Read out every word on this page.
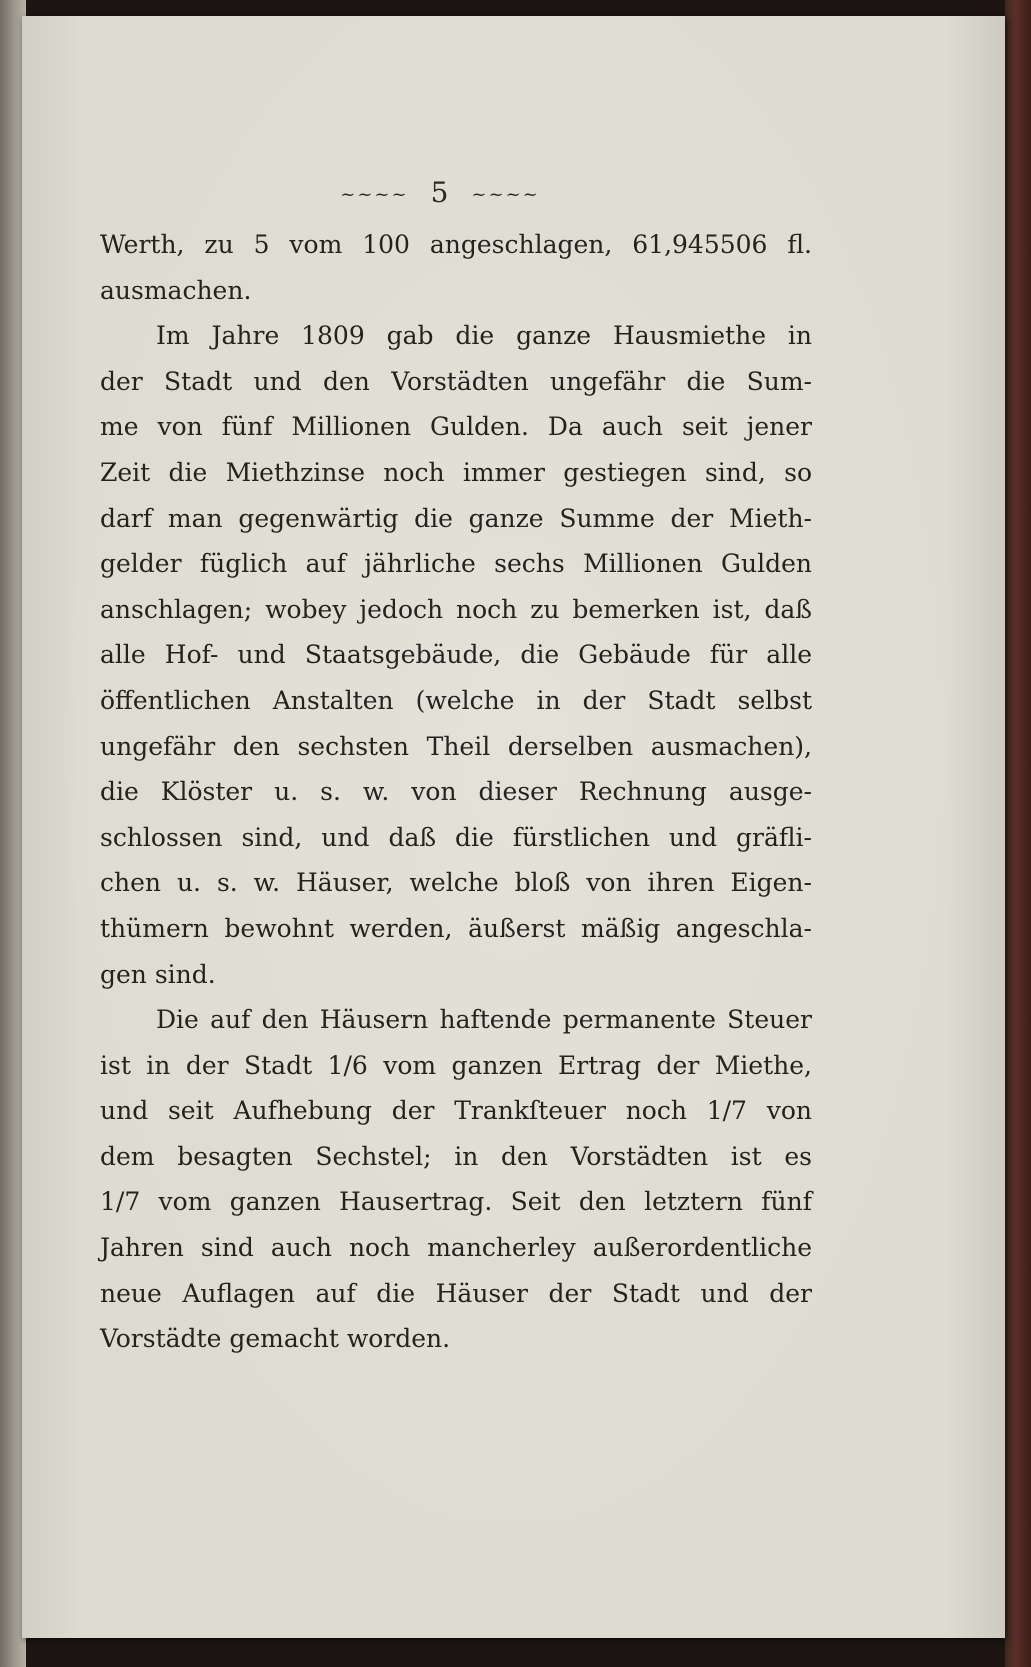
~~~~ 5 ~~~~
Werth, zu 5 vom 100 angeschlagen, 61,945506 fl.
ausmachen.
Im Jahre 1809 gab die ganze Hausmiethe in
der Stadt und den Vorstädten ungefähr die Sum-
me von fünf Millionen Gulden. Da auch seit jener
Zeit die Miethzinse noch immer gestiegen sind, so
darf man gegenwärtig die ganze Summe der Mieth-
gelder füglich auf jährliche sechs Millionen Gulden
anschlagen; wobey jedoch noch zu bemerken ist, daß
alle Hof- und Staatsgebäude, die Gebäude für alle
öffentlichen Anstalten (welche in der Stadt selbst
ungefähr den sechsten Theil derselben ausmachen),
die Klöster u. s. w. von dieser Rechnung ausge-
schlossen sind, und daß die fürstlichen und gräfli-
chen u. s. w. Häuser, welche bloß von ihren Eigen-
thümern bewohnt werden, äußerst mäßig angeschla-
gen sind.
Die auf den Häusern haftende permanente Steuer
ist in der Stadt 1/6 vom ganzen Ertrag der Miethe,
und seit Aufhebung der Trankſteuer noch 1/7 von
dem besagten Sechstel; in den Vorstädten ist es
1/7 vom ganzen Hausertrag. Seit den letztern fünf
Jahren sind auch noch mancherley außerordentliche
neue Auflagen auf die Häuser der Stadt und der
Vorstädte gemacht worden.
